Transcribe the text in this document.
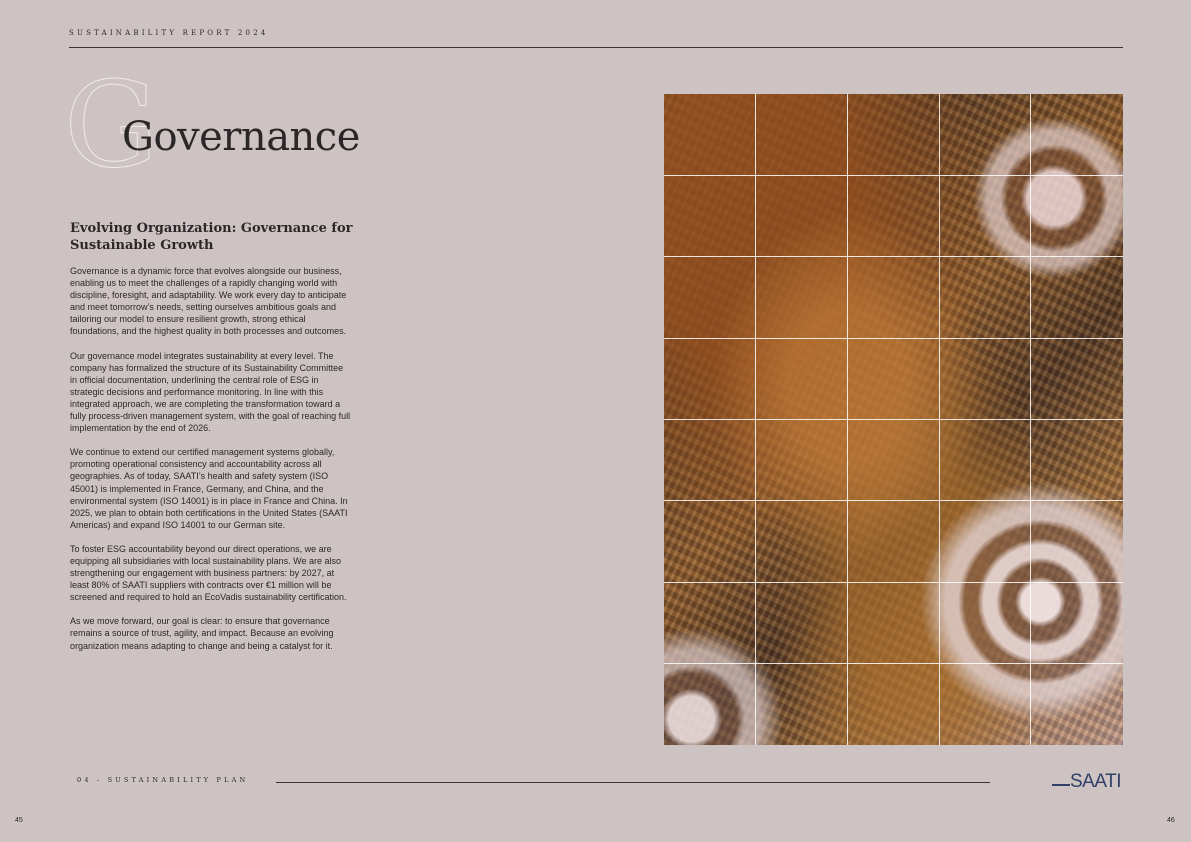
SUSTAINABILITY REPORT 2024
G
Governance
Evolving Organization: Governance for Sustainable Growth

Governance is a dynamic force that evolves alongside our business, enabling us to meet the challenges of a rapidly changing world with discipline, foresight, and adaptability. We work every day to anticipate and meet tomorrow’s needs, setting ourselves ambitious goals and tailoring our model to ensure resilient growth, strong ethical foundations, and the highest quality in both processes and outcomes.

Our governance model integrates sustainability at every level. The company has formalized the structure of its Sustainability Committee in official documentation, underlining the central role of ESG in strategic decisions and performance monitoring. In line with this integrated approach, we are completing the transformation toward a fully process-driven management system, with the goal of reaching full implementation by the end of 2026.

We continue to extend our certified management systems globally, promoting operational consistency and accountability across all geographies. As of today, SAATI’s health and safety system (ISO 45001) is implemented in France, Germany, and China, and the environmental system (ISO 14001) is in place in France and China. In 2025, we plan to obtain both certifications in the United States (SAATI Americas) and expand ISO 14001 to our German site.

To foster ESG accountability beyond our direct operations, we are equipping all subsidiaries with local sustainability plans. We are also strengthening our engagement with business partners: by 2027, at least 80% of SAATI suppliers with contracts over €1 million will be screened and required to hold an EcoVadis sustainability certification.

As we move forward, our goal is clear: to ensure that governance remains a source of trust, agility, and impact. Because an evolving organization means adapting to change and being a catalyst for it.

04 - SUSTAINABILITY PLAN	SAATI
45	46
